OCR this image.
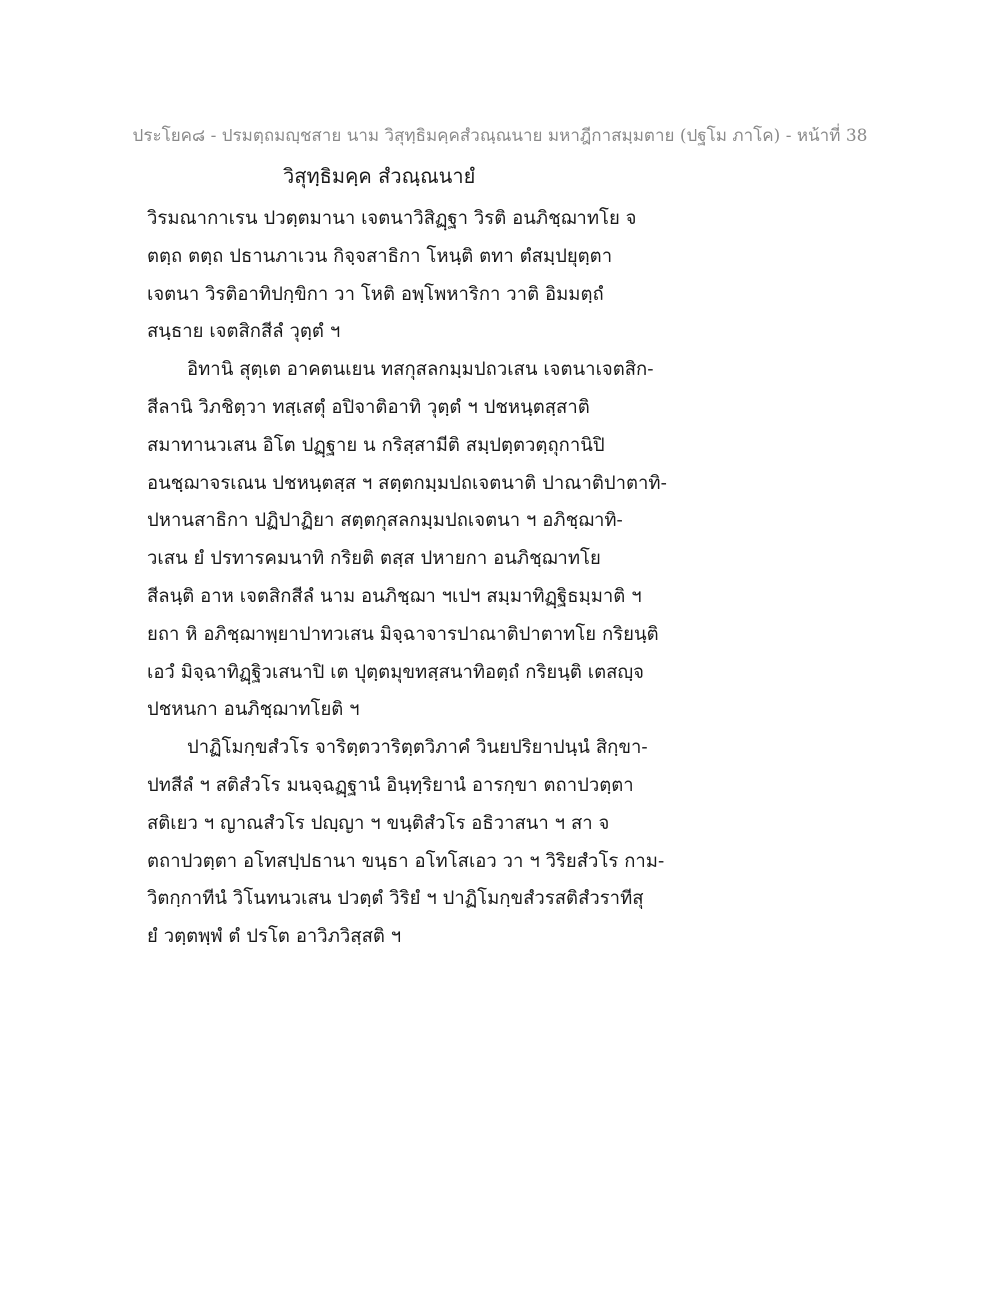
ประโยค๘ - ปรมตฺถมญฺชสาย นาม วิสุทฺธิมคฺคสํวณฺณนาย มหาฎีกาสมฺมตาย (ปฐโม ภาโค) - หน้าที่ 38
วิสุทฺธิมคฺค สํวณฺณนายํ
วิรมณากาเรน ปวตฺตมานา เจตนาวิสิฏฺฐา วิรติ อนภิชฺฌาทโย จ
ตตฺถ ตตฺถ ปธานภาเวน กิจฺจสาธิกา โหนฺติ ตทา ตํสมฺปยุตฺตา
เจตนา วิรติอาทิปกฺขิกา วา โหติ อพฺโพหาริกา วาติ อิมมตฺถํ
สนฺธาย เจตสิกสีลํ วุตฺตํ ฯ
อิทานิ สุตฺเต อาคตนเยน ทสกุสลกมฺมปถวเสน เจตนาเจตสิก-
สีลานิ วิภชิตฺวา ทสฺเสตุํ อปิจาติอาทิ วุตฺตํ ฯ ปชหนฺตสฺสาติ
สมาทานวเสน อิโต ปฏฺฐาย น กริสฺสามีติ สมฺปตฺตวตฺถุกานิปิ
อนชฺฌาจรเณน ปชหนฺตสฺส ฯ สตฺตกมฺมปถเจตนาติ ปาณาติปาตาทิ-
ปหานสาธิกา ปฏิปาฏิยา สตฺตกุสลกมฺมปถเจตนา ฯ อภิชฺฌาทิ-
วเสน ยํ ปรทารคมนาทิ กริยติ ตสฺส ปหายกา อนภิชฺฌาทโย
สีลนฺติ อาห เจตสิกสีลํ นาม อนภิชฺฌา ฯเปฯ สมฺมาทิฏฺฐิธมฺมาติ ฯ
ยถา หิ อภิชฺฌาพฺยาปาทวเสน มิจฺฉาจารปาณาติปาตาทโย กริยนฺติ
เอวํ มิจฺฉาทิฏฺฐิวเสนาปิ เต ปุตฺตมุขทสฺสนาทิอตฺถํ กริยนฺติ เตสญฺจ
ปชหนกา อนภิชฺฌาทโยติ ฯ
ปาฏิโมกฺขสํวโร จาริตฺตวาริตฺตวิภาคํ วินยปริยาปนฺนํ สิกฺขา-
ปทสีลํ ฯ สติสํวโร มนจฺฉฏฺฐานํ อินฺทฺริยานํ อารกฺขา ตถาปวตฺตา
สติเยว ฯ ญาณสํวโร ปญฺญา ฯ ขนฺติสํวโร อธิวาสนา ฯ สา จ
ตถาปวตฺตา อโทสปฺปธานา ขนฺธา อโทโสเอว วา ฯ วิริยสํวโร กาม-
วิตกฺกาทีนํ วิโนทนวเสน ปวตฺตํ วิริยํ ฯ ปาฏิโมกฺขสํวรสติสํวราทีสุ
ยํ วตฺตพฺพํ ตํ ปรโต อาวิภวิสฺสติ ฯ
